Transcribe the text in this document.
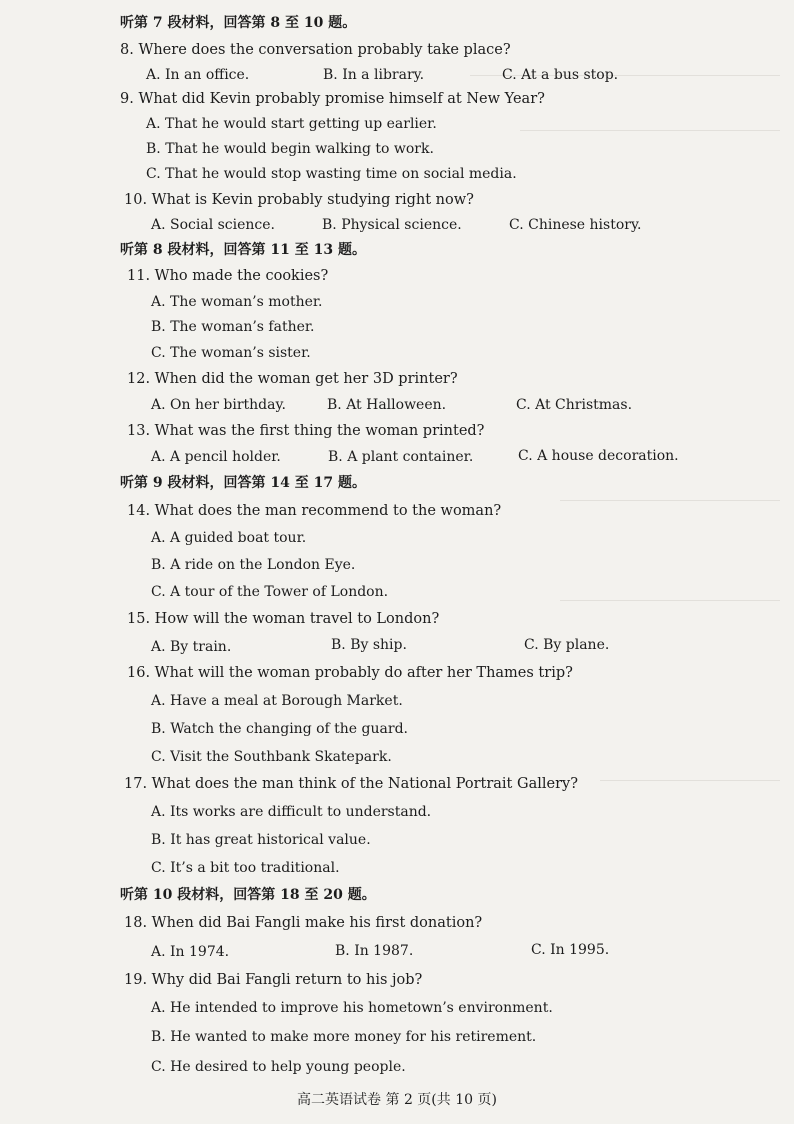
听第 7 段材料，回答第 8 至 10 题。
8. Where does the conversation probably take place?
A. In an office.	B. In a library.	C. At a bus stop.
9. What did Kevin probably promise himself at New Year?
A. That he would start getting up earlier.
B. That he would begin walking to work.
C. That he would stop wasting time on social media.
10. What is Kevin probably studying right now?
A. Social science.	B. Physical science.	C. Chinese history.
听第 8 段材料，回答第 11 至 13 题。
11. Who made the cookies?
A. The woman’s mother.
B. The woman’s father.
C. The woman’s sister.
12. When did the woman get her 3D printer?
A. On her birthday.	B. At Halloween.	C. At Christmas.
13. What was the first thing the woman printed?
A. A pencil holder.	B. A plant container.	C. A house decoration.
听第 9 段材料，回答第 14 至 17 题。
14. What does the man recommend to the woman?
A. A guided boat tour.
B. A ride on the London Eye.
C. A tour of the Tower of London.
15. How will the woman travel to London?
A. By train.	B. By ship.	C. By plane.
16. What will the woman probably do after her Thames trip?
A. Have a meal at Borough Market.
B. Watch the changing of the guard.
C. Visit the Southbank Skatepark.
17. What does the man think of the National Portrait Gallery?
A. Its works are difficult to understand.
B. It has great historical value.
C. It’s a bit too traditional.
听第 10 段材料，回答第 18 至 20 题。
18. When did Bai Fangli make his first donation?
A. In 1974.	B. In 1987.	C. In 1995.
19. Why did Bai Fangli return to his job?
A. He intended to improve his hometown’s environment.
B. He wanted to make more money for his retirement.
C. He desired to help young people.
高二英语试卷 第 2 页(共 10 页)
